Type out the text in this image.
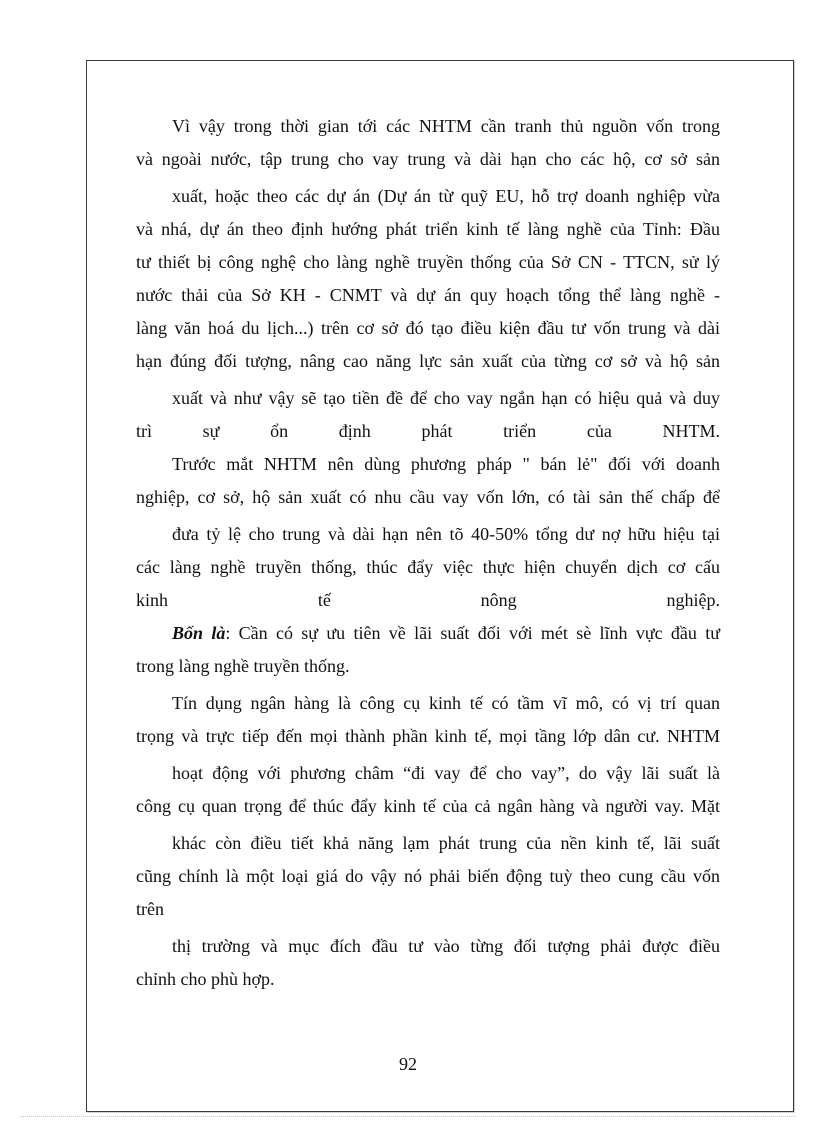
Vì vậy trong thời gian tới các NHTM cần tranh thủ nguồn vốn trong
và ngoài nước, tập trung cho vay trung và dài hạn cho các hộ, cơ sở sản
xuất, hoặc theo các dự án (Dự án từ quỹ EU, hỗ trợ doanh nghiệp vừa
và nhá, dự án theo định hướng phát triển kinh tế làng nghề của Tỉnh: Đầu
tư thiết bị công nghệ cho làng nghề truyền thống của Sở CN - TTCN, sử lý
nước thải của Sở KH - CNMT và dự án quy hoạch tổng thể làng nghề -
làng văn hoá du lịch...) trên cơ sở đó tạo điều kiện đầu tư vốn trung và dài
hạn đúng đối tượng, nâng cao năng lực sản xuất của từng cơ sở và hộ sản
xuất và như vậy sẽ tạo tiền đề để cho vay ngắn hạn có hiệu quả và duy
trì sự ổn định phát triển của NHTM.
Trước mắt NHTM nên dùng phương pháp " bán lẻ" đối với doanh
nghiệp, cơ sở, hộ sản xuất có nhu cầu vay vốn lớn, có tài sản thế chấp để
đưa tỷ lệ cho trung và dài hạn nên tõ 40-50% tổng dư nợ hữu hiệu tại
các làng nghề truyền thống, thúc đẩy việc thực hiện chuyển dịch cơ cấu
kinh tế nông nghiệp.
Bốn là: Cần có sự ưu tiên về lãi suất đối với mét sè lĩnh vực đầu tư
trong làng nghề truyền thống.
Tín dụng ngân hàng là công cụ kinh tế có tầm vĩ mô, có vị trí quan
trọng và trực tiếp đến mọi thành phần kinh tế, mọi tầng lớp dân cư. NHTM
hoạt động với phương châm “đi vay để cho vay”, do vậy lãi suất là
công cụ quan trọng để thúc đẩy kinh tế của cả ngân hàng và người vay. Mặt
khác còn điều tiết khả năng lạm phát trung của nền kinh tế, lãi suất
cũng chính là một loại giá do vậy nó phải biến động tuỳ theo cung cầu vốn
trên
thị trường và mục đích đầu tư vào từng đối tượng phải được điều
chỉnh cho phù hợp.
92
